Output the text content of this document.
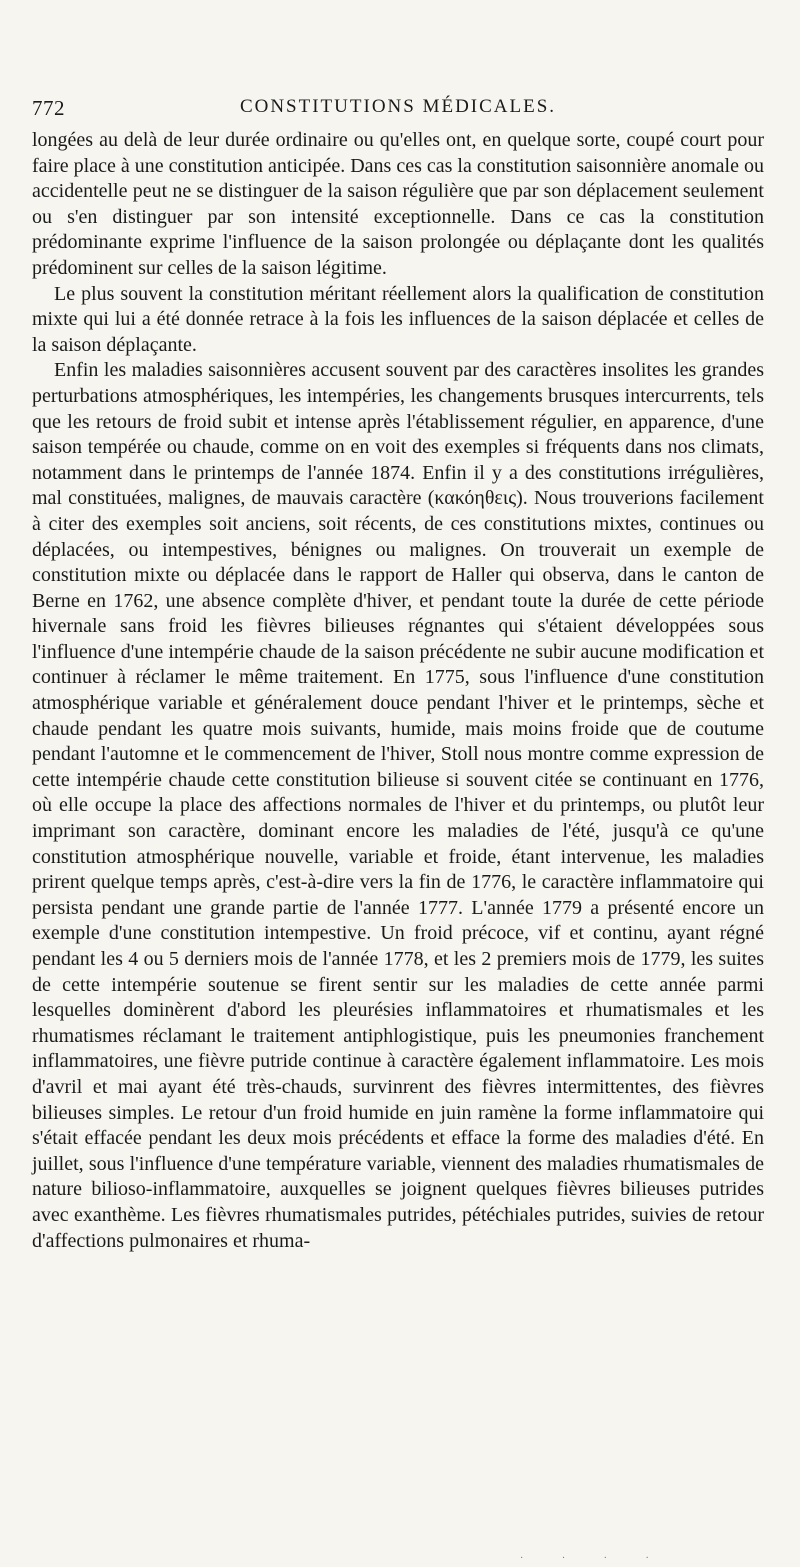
772	CONSTITUTIONS MÉDICALES.

longées au delà de leur durée ordinaire ou qu'elles ont, en quelque sorte, coupé court pour faire place à une constitution anticipée. Dans ces cas la constitution saisonnière anomale ou accidentelle peut ne se distinguer de la saison régulière que par son déplacement seulement ou s'en distinguer par son intensité exceptionnelle. Dans ce cas la constitution prédominante exprime l'influence de la saison prolongée ou déplaçante dont les qualités prédominent sur celles de la saison légitime.

Le plus souvent la constitution méritant réellement alors la qualification de constitution mixte qui lui a été donnée retrace à la fois les influences de la saison déplacée et celles de la saison déplaçante.

Enfin les maladies saisonnières accusent souvent par des caractères insolites les grandes perturbations atmosphériques, les intempéries, les changements brusques intercurrents, tels que les retours de froid subit et intense après l'établissement régulier, en apparence, d'une saison tempérée ou chaude, comme on en voit des exemples si fréquents dans nos climats, notamment dans le printemps de l'année 1874. Enfin il y a des constitutions irrégulières, mal constituées, malignes, de mauvais caractère (κακόηθεις). Nous trouverions facilement à citer des exemples soit anciens, soit récents, de ces constitutions mixtes, continues ou déplacées, ou intempestives, bénignes ou malignes. On trouverait un exemple de constitution mixte ou déplacée dans le rapport de Haller qui observa, dans le canton de Berne en 1762, une absence complète d'hiver, et pendant toute la durée de cette période hivernale sans froid les fièvres bilieuses régnantes qui s'étaient développées sous l'influence d'une intempérie chaude de la saison précédente ne subir aucune modification et continuer à réclamer le même traitement. En 1775, sous l'influence d'une constitution atmosphérique variable et généralement douce pendant l'hiver et le printemps, sèche et chaude pendant les quatre mois suivants, humide, mais moins froide que de coutume pendant l'automne et le commencement de l'hiver, Stoll nous montre comme expression de cette intempérie chaude cette constitution bilieuse si souvent citée se continuant en 1776, où elle occupe la place des affections normales de l'hiver et du printemps, ou plutôt leur imprimant son caractère, dominant encore les maladies de l'été, jusqu'à ce qu'une constitution atmosphérique nouvelle, variable et froide, étant intervenue, les maladies prirent quelque temps après, c'est-à-dire vers la fin de 1776, le caractère inflammatoire qui persista pendant une grande partie de l'année 1777. L'année 1779 a présenté encore un exemple d'une constitution intempestive. Un froid précoce, vif et continu, ayant régné pendant les 4 ou 5 derniers mois de l'année 1778, et les 2 premiers mois de 1779, les suites de cette intempérie soutenue se firent sentir sur les maladies de cette année parmi lesquelles dominèrent d'abord les pleurésies inflammatoires et rhumatismales et les rhumatismes réclamant le traitement antiphlogistique, puis les pneumonies franchement inflammatoires, une fièvre putride continue à caractère également inflammatoire. Les mois d'avril et mai ayant été très-chauds, survinrent des fièvres intermittentes, des fièvres bilieuses simples. Le retour d'un froid humide en juin ramène la forme inflammatoire qui s'était effacée pendant les deux mois précédents et efface la forme des maladies d'été. En juillet, sous l'influence d'une température variable, viennent des maladies rhumatismales de nature bilioso-inflammatoire, auxquelles se joignent quelques fièvres bilieuses putrides avec exanthème. Les fièvres rhumatismales putrides, pétéchiales putrides, suivies de retour d'affections pulmonaires et rhuma-

· · · ·
